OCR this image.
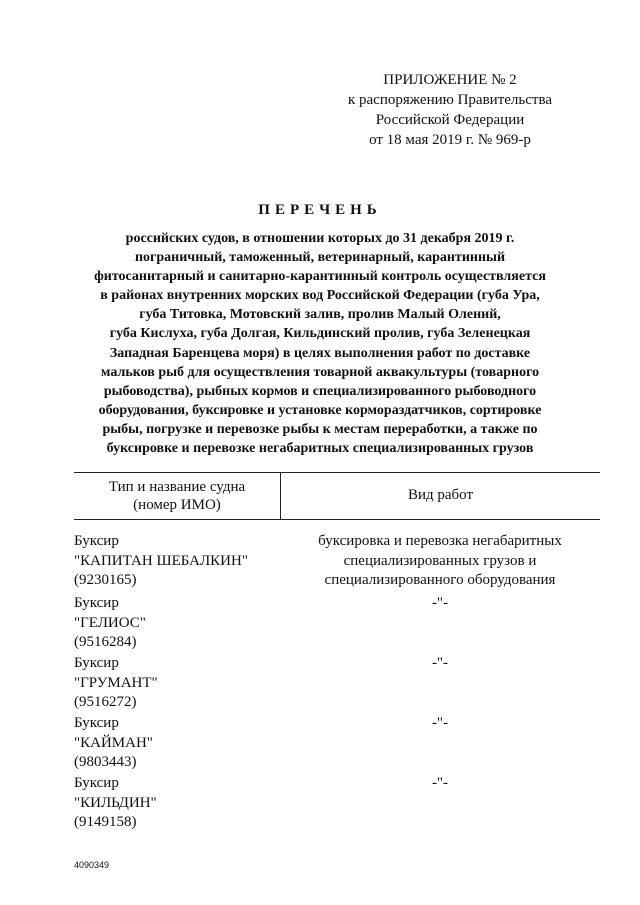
ПРИЛОЖЕНИЕ № 2
к распоряжению Правительства
Российской Федерации
от 18 мая 2019 г. № 969-р
ПЕРЕЧЕНЬ
российских судов, в отношении которых до 31 декабря 2019 г.
пограничный, таможенный, ветеринарный, карантинный
фитосанитарный и санитарно-карантинный контроль осуществляется
в районах внутренних морских вод Российской Федерации (губа Ура,
губа Титовка, Мотовский залив, пролив Малый Олений,
губа Кислуха, губа Долгая, Кильдинский пролив, губа Зеленецкая
Западная Баренцева моря) в целях выполнения работ по доставке
мальков рыб для осуществления товарной аквакультуры (товарного
рыбоводства), рыбных кормов и специализированного рыбоводного
оборудования, буксировке и установке кормораздатчиков, сортировке
рыбы, погрузке и перевозке рыбы к местам переработки, а также по
буксировке и перевозке негабаритных специализированных грузов
Тип и название судна
(номер ИМО)
Вид работ
Буксир
"КАПИТАН ШЕБАЛКИН"
(9230165)
буксировка и перевозка негабаритных
специализированных грузов и
специализированного оборудования
Буксир
"ГЕЛИОС"
(9516284)
-"-
Буксир
"ГРУМАНТ"
(9516272)
-"-
Буксир
"КАЙМАН"
(9803443)
-"-
Буксир
"КИЛЬДИН"
(9149158)
-"-
4090349
